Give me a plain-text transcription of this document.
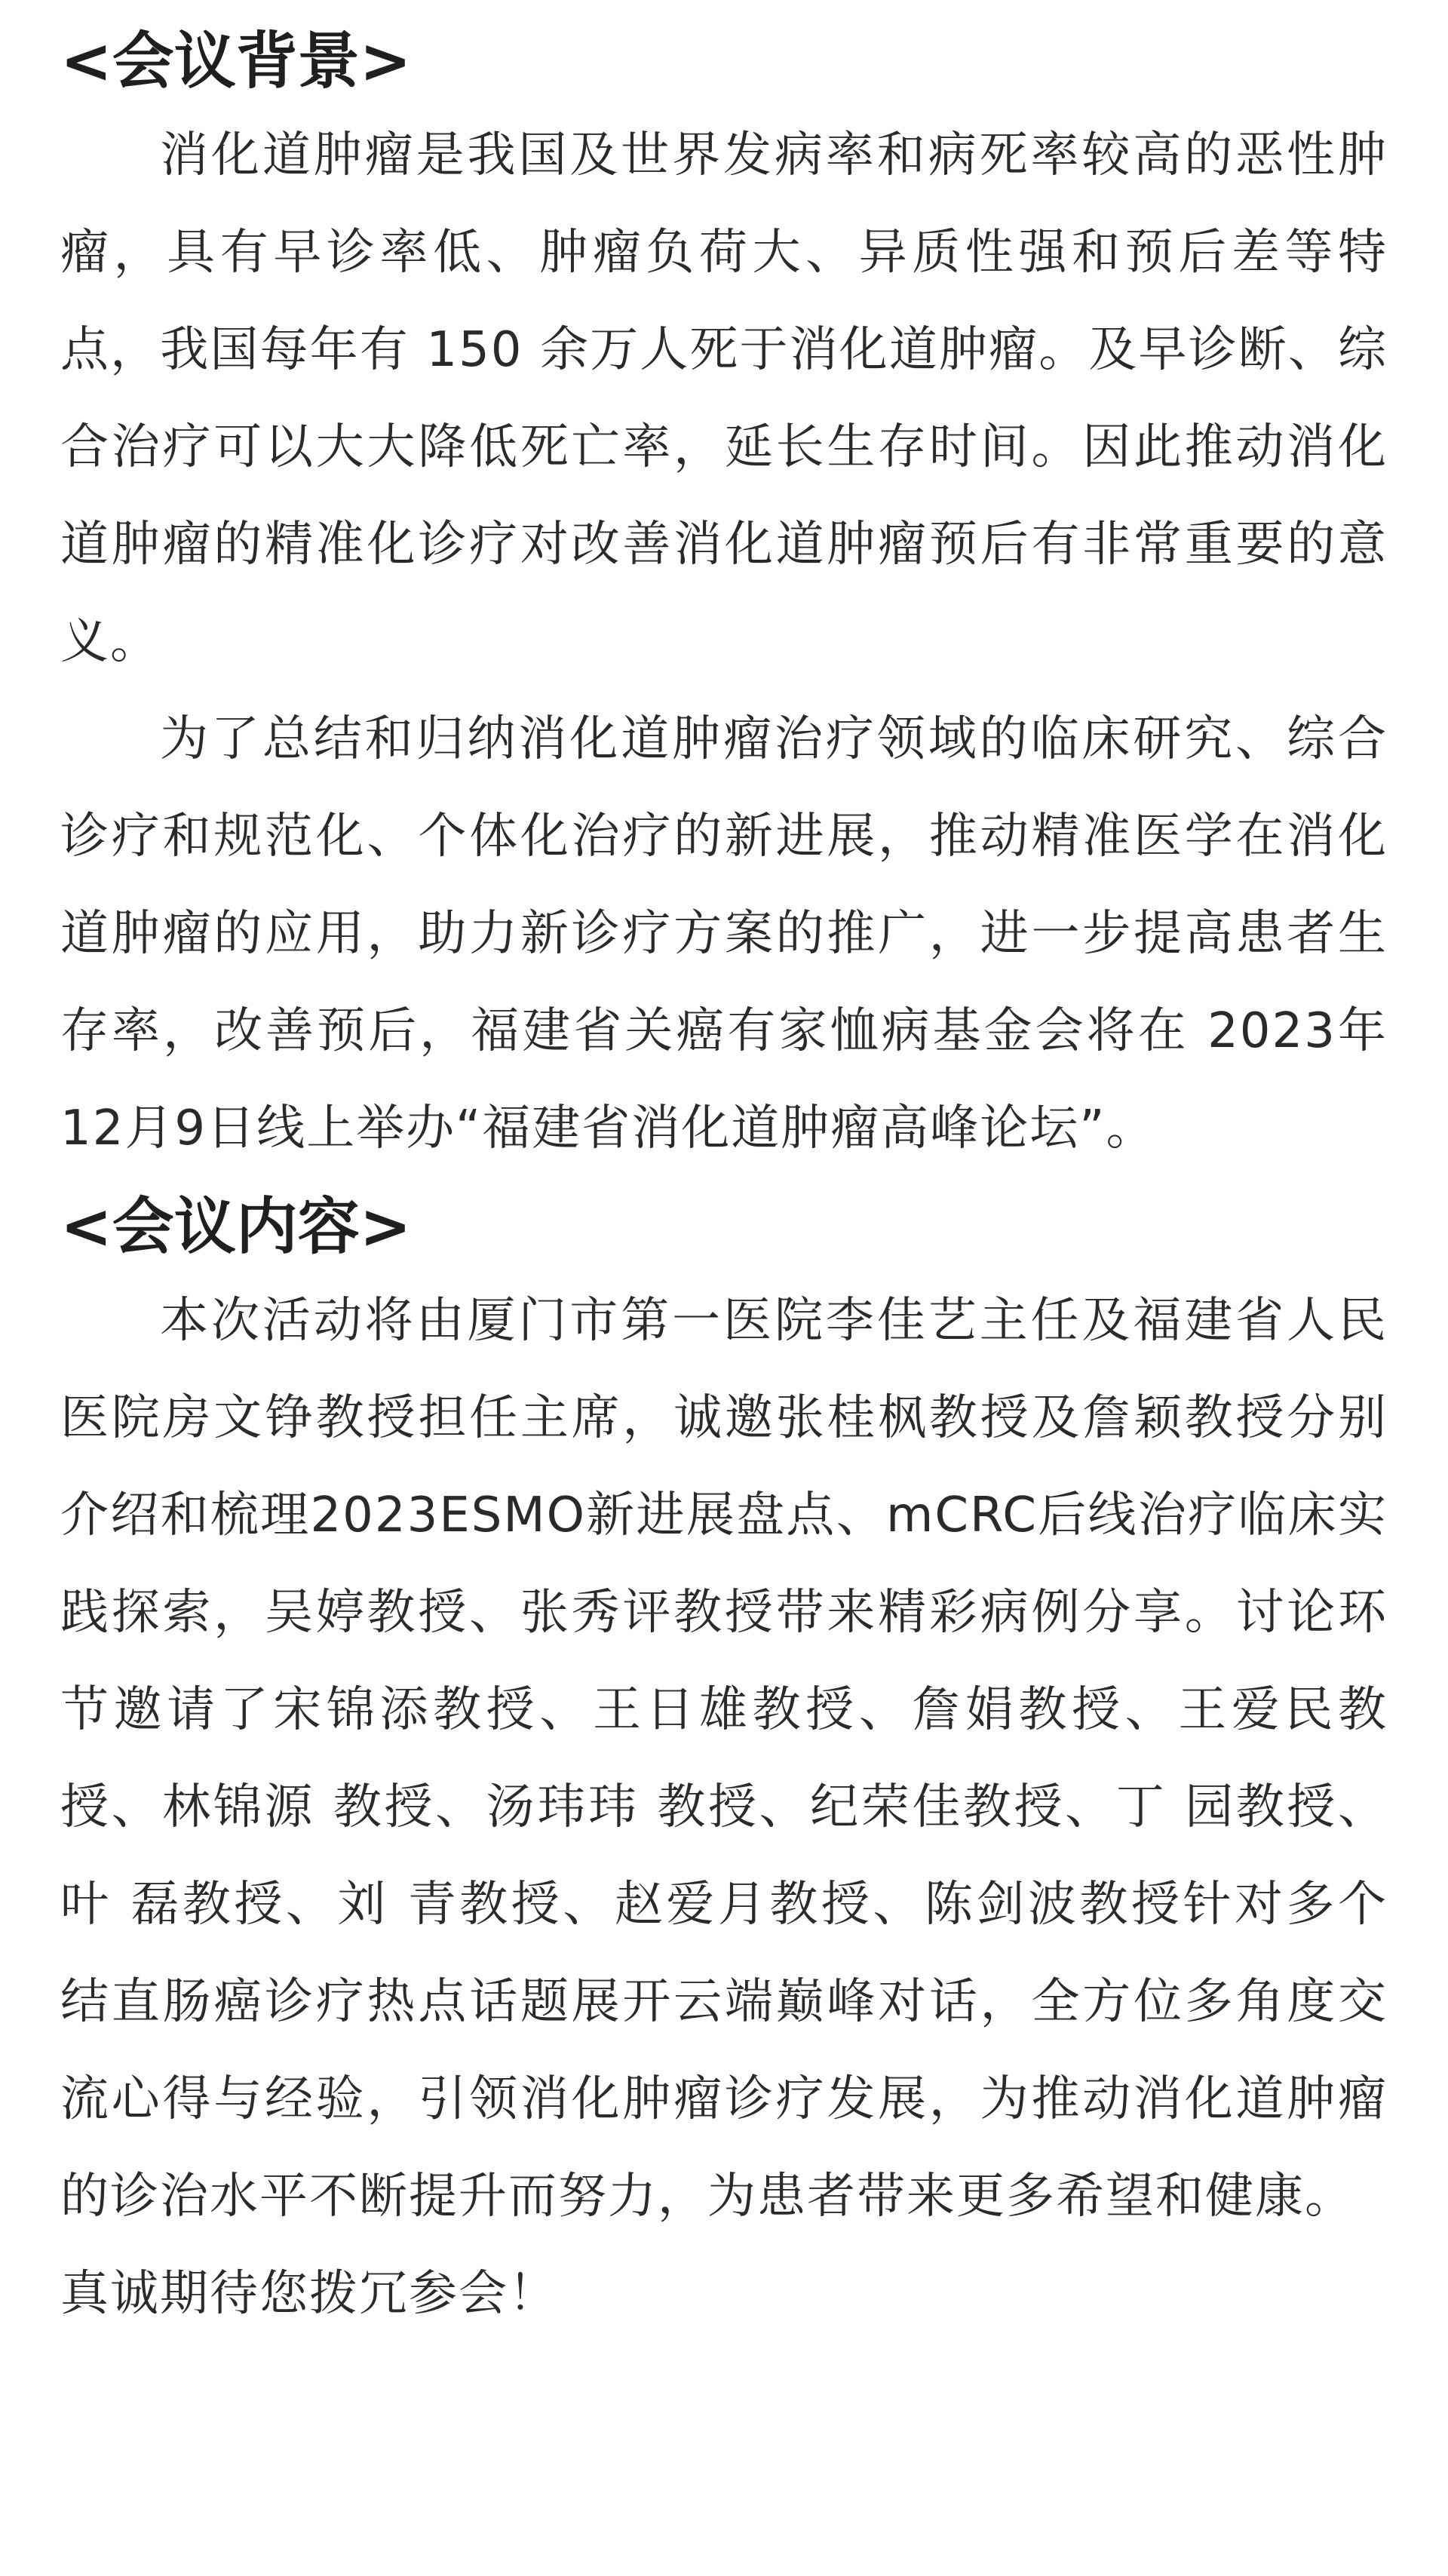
<会议背景>

消化道肿瘤是我国及世界发病率和病死率较高的恶性肿瘤，具有早诊率低、肿瘤负荷大、异质性强和预后差等特点，我国每年有 150 余万人死于消化道肿瘤。及早诊断、综合治疗可以大大降低死亡率，延长生存时间。因此推动消化道肿瘤的精准化诊疗对改善消化道肿瘤预后有非常重要的意义。

为了总结和归纳消化道肿瘤治疗领域的临床研究、综合诊疗和规范化、个体化治疗的新进展，推动精准医学在消化道肿瘤的应用，助力新诊疗方案的推广，进一步提高患者生存率，改善预后，福建省关癌有家恤病基金会将在 2023年12月9日线上举办“福建省消化道肿瘤高峰论坛”。

<会议内容>

本次活动将由厦门市第一医院李佳艺主任及福建省人民医院房文铮教授担任主席，诚邀张桂枫教授及詹颖教授分别介绍和梳理2023ESMO新进展盘点、mCRC后线治疗临床实践探索，吴婷教授、张秀评教授带来精彩病例分享。讨论环节邀请了宋锦添教授、王日雄教授、詹娟教授、王爱民教授、林锦源 教授、汤玮玮 教授、纪荣佳教授、丁 园教授、叶 磊教授、刘 青教授、赵爱月教授、陈剑波教授针对多个结直肠癌诊疗热点话题展开云端巅峰对话，全方位多角度交流心得与经验，引领消化肿瘤诊疗发展，为推动消化道肿瘤的诊治水平不断提升而努力，为患者带来更多希望和健康。

真诚期待您拨冗参会！
